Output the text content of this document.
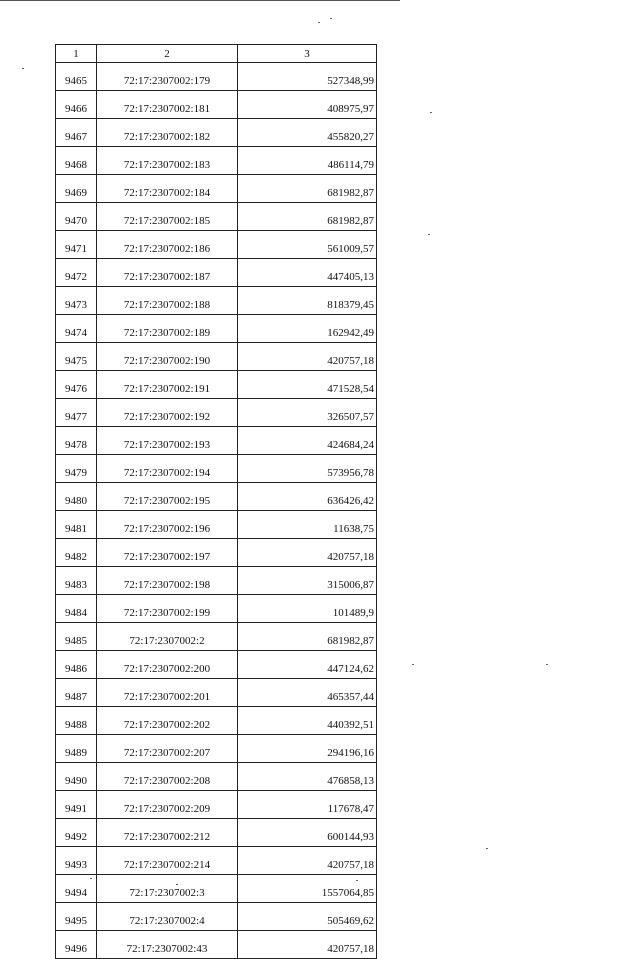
1	2	3
9465	72:17:2307002:179	527348,99
9466	72:17:2307002:181	408975,97
9467	72:17:2307002:182	455820,27
9468	72:17:2307002:183	486114,79
9469	72:17:2307002:184	681982,87
9470	72:17:2307002:185	681982,87
9471	72:17:2307002:186	561009,57
9472	72:17:2307002:187	447405,13
9473	72:17:2307002:188	818379,45
9474	72:17:2307002:189	162942,49
9475	72:17:2307002:190	420757,18
9476	72:17:2307002:191	471528,54
9477	72:17:2307002:192	326507,57
9478	72:17:2307002:193	424684,24
9479	72:17:2307002:194	573956,78
9480	72:17:2307002:195	636426,42
9481	72:17:2307002:196	11638,75
9482	72:17:2307002:197	420757,18
9483	72:17:2307002:198	315006,87
9484	72:17:2307002:199	101489,9
9485	72:17:2307002:2	681982,87
9486	72:17:2307002:200	447124,62
9487	72:17:2307002:201	465357,44
9488	72:17:2307002:202	440392,51
9489	72:17:2307002:207	294196,16
9490	72:17:2307002:208	476858,13
9491	72:17:2307002:209	117678,47
9492	72:17:2307002:212	600144,93
9493	72:17:2307002:214	420757,18
9494	72:17:2307002:3	1557064,85
9495	72:17:2307002:4	505469,62
9496	72:17:2307002:43	420757,18
